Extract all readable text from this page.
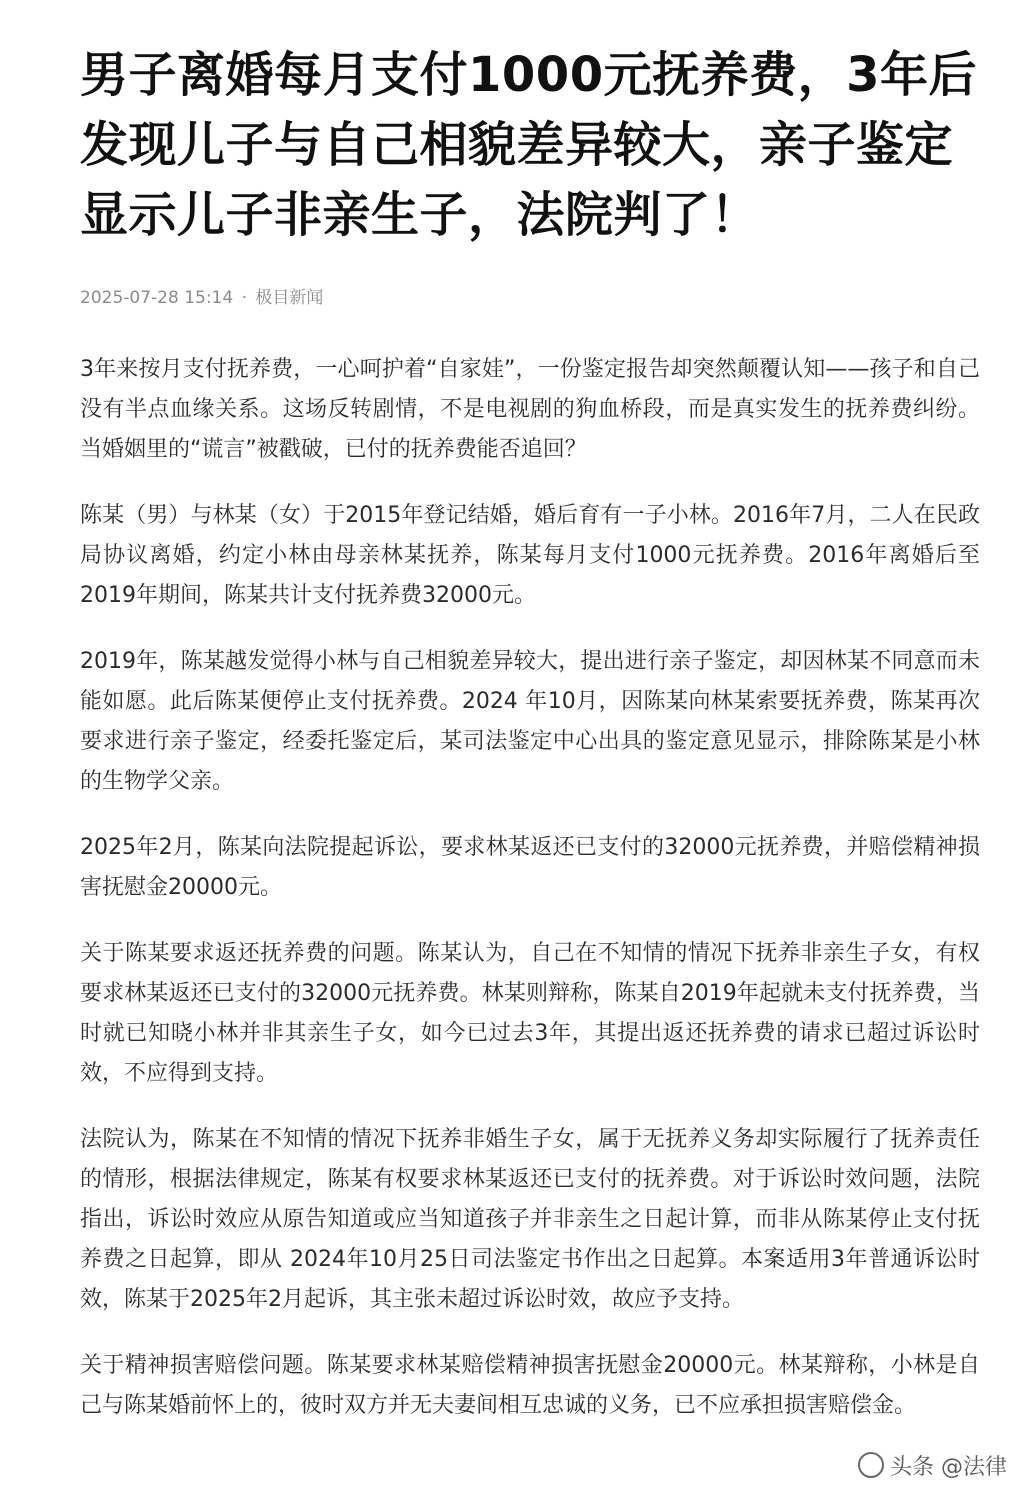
男子离婚每月支付1000元抚养费，3年后发现儿子与自己相貌差异较大，亲子鉴定显示儿子非亲生子，法院判了！
2025-07-28 15:14 · 极目新闻

3年来按月支付抚养费，一心呵护着“自家娃”，一份鉴定报告却突然颠覆认知——孩子和自己没有半点血缘关系。这场反转剧情，不是电视剧的狗血桥段，而是真实发生的抚养费纠纷。当婚姻里的“谎言”被戳破，已付的抚养费能否追回？

陈某（男）与林某（女）于2015年登记结婚，婚后育有一子小林。2016年7月，二人在民政局协议离婚，约定小林由母亲林某抚养，陈某每月支付1000元抚养费。2016年离婚后至2019年期间，陈某共计支付抚养费32000元。

2019年，陈某越发觉得小林与自己相貌差异较大，提出进行亲子鉴定，却因林某不同意而未能如愿。此后陈某便停止支付抚养费。2024 年10月，因陈某向林某索要抚养费，陈某再次要求进行亲子鉴定，经委托鉴定后，某司法鉴定中心出具的鉴定意见显示，排除陈某是小林的生物学父亲。

2025年2月，陈某向法院提起诉讼，要求林某返还已支付的32000元抚养费，并赔偿精神损害抚慰金20000元。

关于陈某要求返还抚养费的问题。陈某认为，自己在不知情的情况下抚养非亲生子女，有权要求林某返还已支付的32000元抚养费。林某则辩称，陈某自2019年起就未支付抚养费，当时就已知晓小林并非其亲生子女，如今已过去3年，其提出返还抚养费的请求已超过诉讼时效，不应得到支持。

法院认为，陈某在不知情的情况下抚养非婚生子女，属于无抚养义务却实际履行了抚养责任的情形，根据法律规定，陈某有权要求林某返还已支付的抚养费。对于诉讼时效问题，法院指出，诉讼时效应从原告知道或应当知道孩子并非亲生之日起计算，而非从陈某停止支付抚养费之日起算，即从 2024年10月25日司法鉴定书作出之日起算。本案适用3年普通诉讼时效，陈某于2025年2月起诉，其主张未超过诉讼时效，故应予支持。

关于精神损害赔偿问题。陈某要求林某赔偿精神损害抚慰金20000元。林某辩称，小林是自己与陈某婚前怀上的，彼时双方并无夫妻间相互忠诚的义务，已不应承担损害赔偿金。

头条 @法律
